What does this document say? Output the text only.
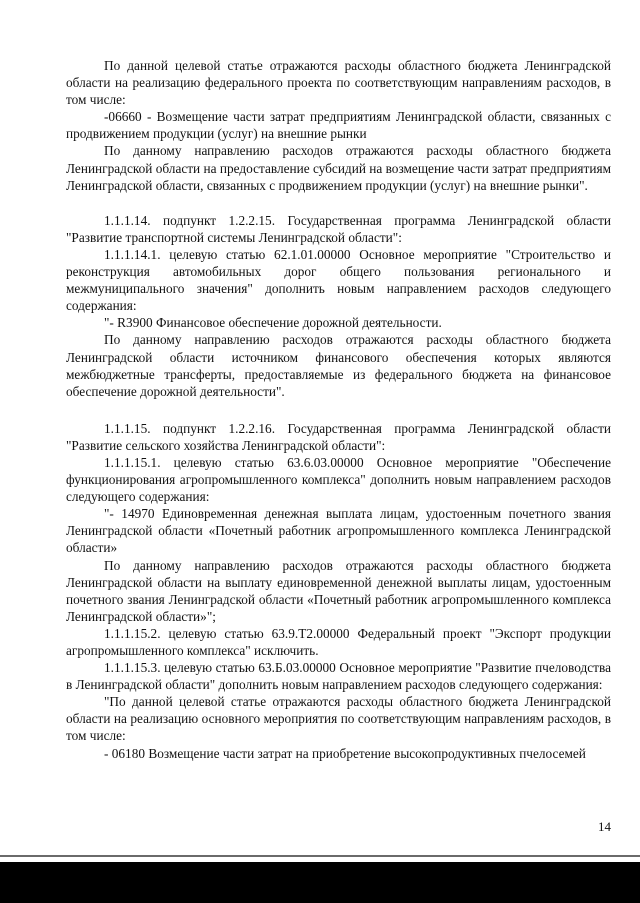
По данной целевой статье отражаются расходы областного бюджета Ленинградской области на реализацию федерального проекта по соответствующим направлениям расходов, в том числе:

-06660 - Возмещение части затрат предприятиям Ленинградской области, связанных с продвижением продукции (услуг) на внешние рынки

По данному направлению расходов отражаются расходы областного бюджета Ленинградской области на предоставление субсидий на возмещение части затрат предприятиям Ленинградской области, связанных с продвижением продукции (услуг) на внешние рынки".

1.1.1.14. подпункт 1.2.2.15. Государственная программа Ленинградской области "Развитие транспортной системы Ленинградской области":

1.1.1.14.1. целевую статью 62.1.01.00000 Основное мероприятие "Строительство и реконструкция автомобильных дорог общего пользования регионального и межмуниципального значения" дополнить новым направлением расходов следующего содержания:

"- R3900 Финансовое обеспечение дорожной деятельности.

По данному направлению расходов отражаются расходы областного бюджета Ленинградской области источником финансового обеспечения которых являются межбюджетные трансферты, предоставляемые из федерального бюджета на финансовое обеспечение дорожной деятельности".

1.1.1.15. подпункт 1.2.2.16. Государственная программа Ленинградской области "Развитие сельского хозяйства Ленинградской области":

1.1.1.15.1. целевую статью 63.6.03.00000 Основное мероприятие "Обеспечение функционирования агропромышленного комплекса" дополнить новым направлением расходов следующего содержания:

"- 14970 Единовременная денежная выплата лицам, удостоенным почетного звания Ленинградской области «Почетный работник агропромышленного комплекса Ленинградской области»

По данному направлению расходов отражаются расходы областного бюджета Ленинградской области на выплату единовременной денежной выплаты лицам, удостоенным почетного звания Ленинградской области «Почетный работник агропромышленного комплекса Ленинградской области»";

1.1.1.15.2. целевую статью 63.9.Т2.00000 Федеральный проект "Экспорт продукции агропромышленного комплекса" исключить.

1.1.1.15.3. целевую статью 63.Б.03.00000 Основное мероприятие "Развитие пчеловодства в Ленинградской области" дополнить новым направлением расходов следующего содержания:

"По данной целевой статье отражаются расходы областного бюджета Ленинградской области на реализацию основного мероприятия по соответствующим направлениям расходов, в том числе:

- 06180 Возмещение части затрат на приобретение высокопродуктивных пчелосемей

14
